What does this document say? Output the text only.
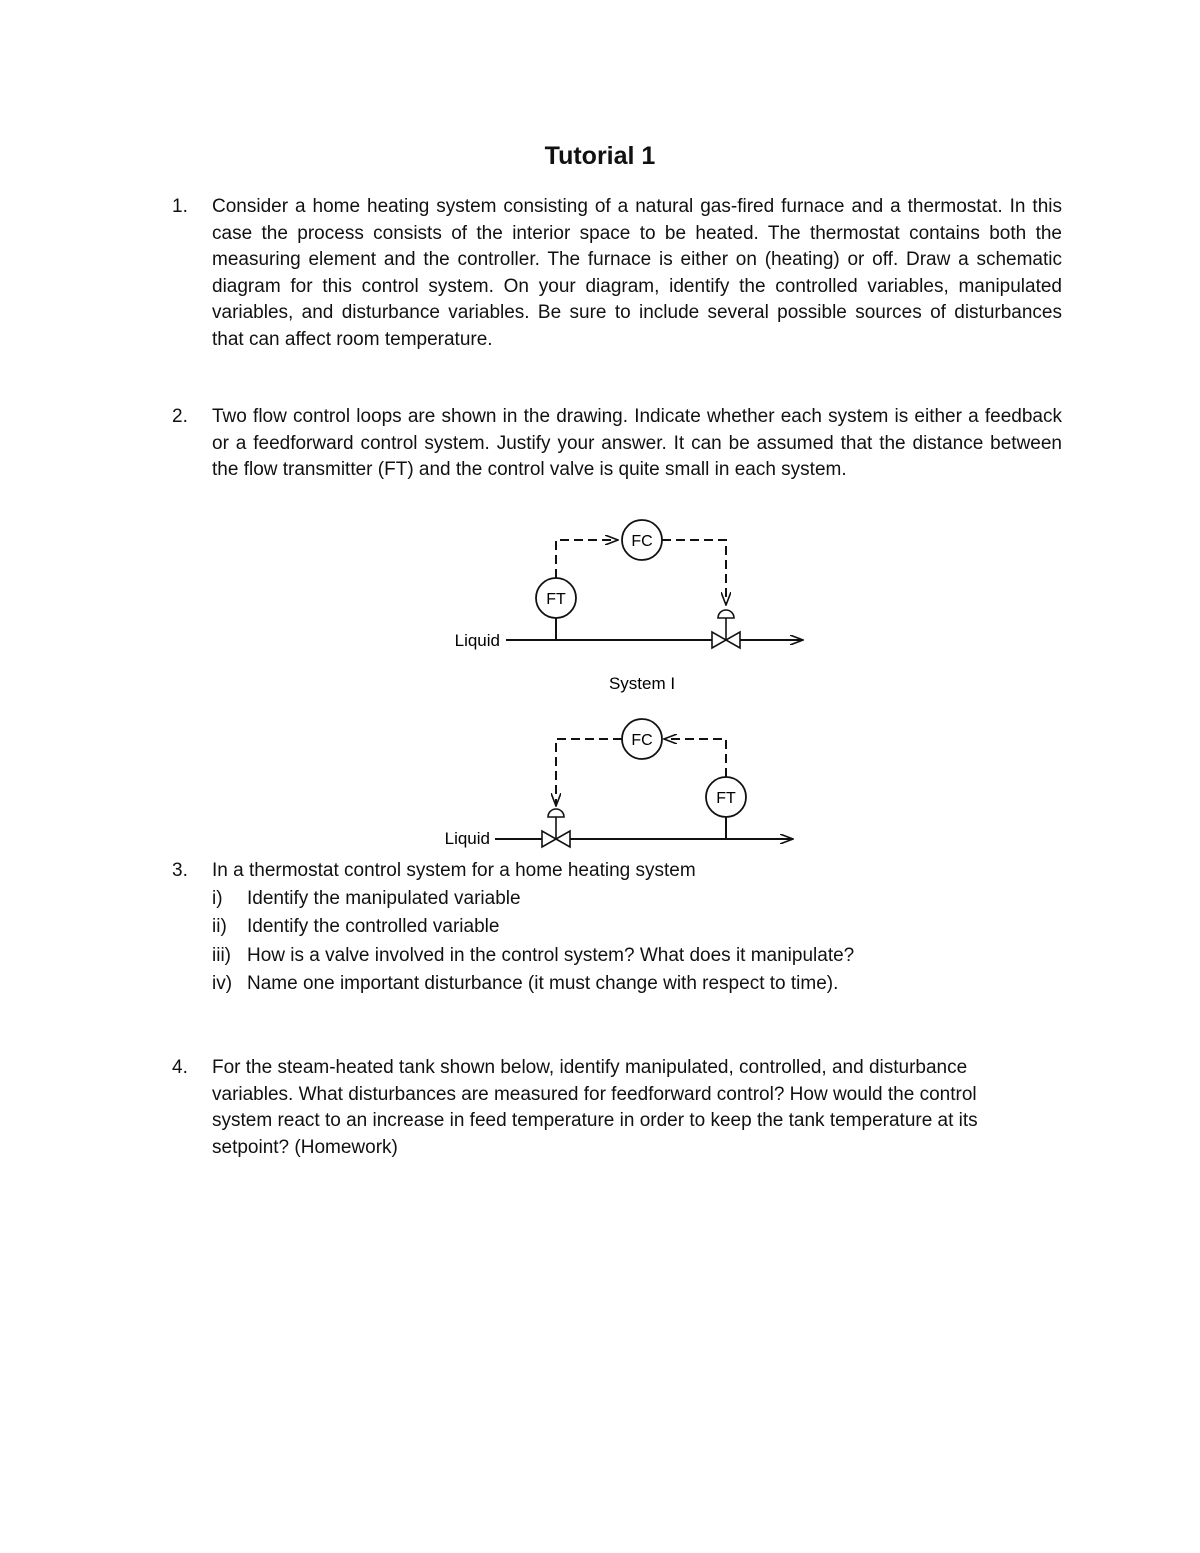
Tutorial 1
1.	Consider a home heating system consisting of a natural gas-fired furnace and a thermostat. In this case the process consists of the interior space to be heated. The thermostat contains both the measuring element and the controller. The furnace is either on (heating) or off. Draw a schematic diagram for this control system. On your diagram, identify the controlled variables, manipulated variables, and disturbance variables. Be sure to include several possible sources of disturbances that can affect room temperature.
2.	Two flow control loops are shown in the drawing. Indicate whether each system is either a feedback or a feedforward control system. Justify your answer. It can be assumed that the distance between the flow transmitter (FT) and the control valve is quite small in each system.
Liquid
FT
FC
System I
Liquid
FC
FT
3.	In a thermostat control system for a home heating system
i)	Identify the manipulated variable
ii)	Identify the controlled variable
iii) How is a valve involved in the control system? What does it manipulate?
iv) Name one important disturbance (it must change with respect to time).
4.	For the steam-heated tank shown below, identify manipulated, controlled, and disturbance variables. What disturbances are measured for feedforward control? How would the control system react to an increase in feed temperature in order to keep the tank temperature at its setpoint? (Homework)
